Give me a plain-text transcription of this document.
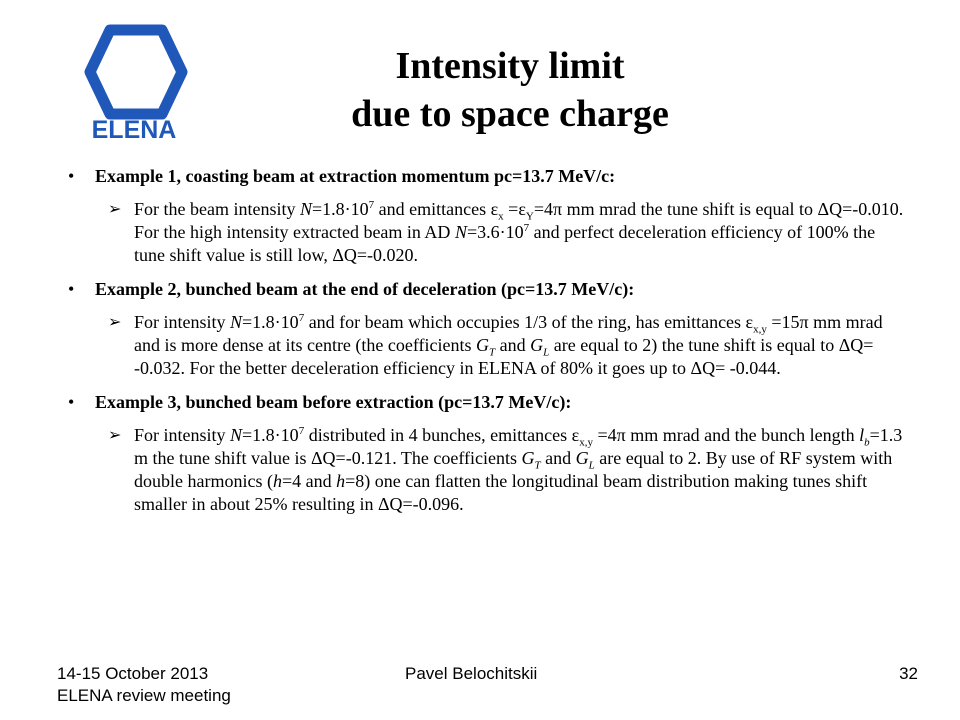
ELENA
Intensity limit
due to space charge
• Example 1, coasting beam at extraction momentum pc=13.7 MeV/c:
➢ For the beam intensity $N=1.8\cdot 10^7$ and emittances $\varepsilon_x =\varepsilon_Y=4\pi$ mm mrad the tune shift is equal to ΔQ=-0.010. For the high intensity extracted beam in AD $N=3.6\cdot 10^7$ and perfect deceleration efficiency of 100% the tune shift value is still low, ΔQ=-0.020.
• Example 2, bunched beam at the end of deceleration (pc=13.7 MeV/c):
➢ For intensity $N=1.8\cdot 10^7$ and for beam which occupies 1/3 of the ring, has emittances $\varepsilon_{x,y} =15\pi$ mm mrad and is more dense at its centre (the coefficients $G_T$ and $G_L$ are equal to 2) the tune shift is equal to ΔQ= -0.032. For the better deceleration efficiency in ELENA of 80% it goes up to ΔQ= -0.044.
• Example 3, bunched beam before extraction (pc=13.7 MeV/c):
➢ For intensity $N=1.8\cdot 10^7$ distributed in 4 bunches, emittances $\varepsilon_{x,y} =4\pi$ mm mrad and the bunch length $l_b=1.3$ m the tune shift value is ΔQ=-0.121. The coefficients $G_T$ and $G_L$ are equal to 2. By use of RF system with double harmonics (h=4 and h=8) one can flatten the longitudinal beam distribution making tunes shift smaller in about 25% resulting in ΔQ=-0.096.
14-15 October 2013
ELENA review meeting
Pavel Belochitskii	32
